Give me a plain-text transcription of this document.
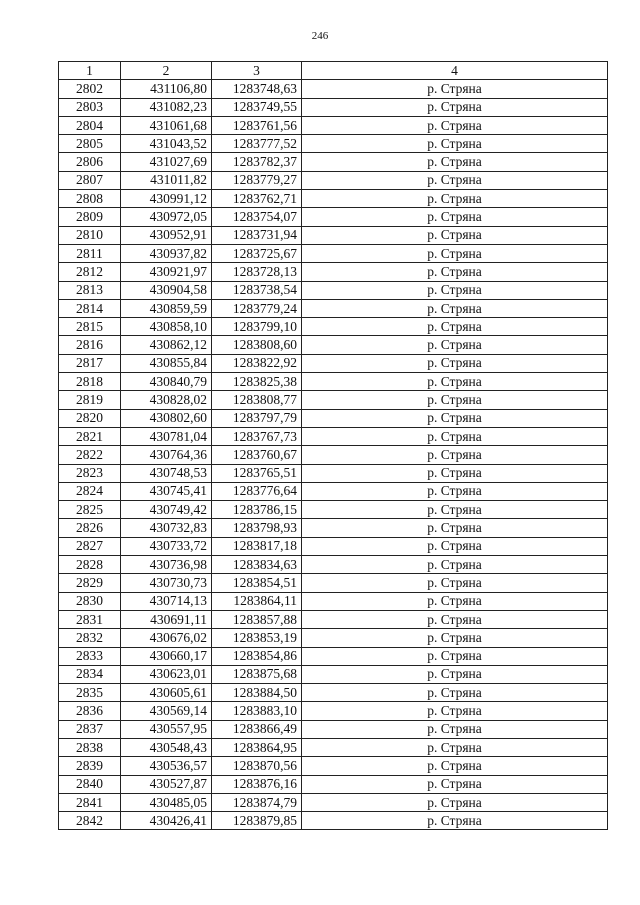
246
1	2	3	4
2802	431106,80	1283748,63	р. Стряна
2803	431082,23	1283749,55	р. Стряна
2804	431061,68	1283761,56	р. Стряна
2805	431043,52	1283777,52	р. Стряна
2806	431027,69	1283782,37	р. Стряна
2807	431011,82	1283779,27	р. Стряна
2808	430991,12	1283762,71	р. Стряна
2809	430972,05	1283754,07	р. Стряна
2810	430952,91	1283731,94	р. Стряна
2811	430937,82	1283725,67	р. Стряна
2812	430921,97	1283728,13	р. Стряна
2813	430904,58	1283738,54	р. Стряна
2814	430859,59	1283779,24	р. Стряна
2815	430858,10	1283799,10	р. Стряна
2816	430862,12	1283808,60	р. Стряна
2817	430855,84	1283822,92	р. Стряна
2818	430840,79	1283825,38	р. Стряна
2819	430828,02	1283808,77	р. Стряна
2820	430802,60	1283797,79	р. Стряна
2821	430781,04	1283767,73	р. Стряна
2822	430764,36	1283760,67	р. Стряна
2823	430748,53	1283765,51	р. Стряна
2824	430745,41	1283776,64	р. Стряна
2825	430749,42	1283786,15	р. Стряна
2826	430732,83	1283798,93	р. Стряна
2827	430733,72	1283817,18	р. Стряна
2828	430736,98	1283834,63	р. Стряна
2829	430730,73	1283854,51	р. Стряна
2830	430714,13	1283864,11	р. Стряна
2831	430691,11	1283857,88	р. Стряна
2832	430676,02	1283853,19	р. Стряна
2833	430660,17	1283854,86	р. Стряна
2834	430623,01	1283875,68	р. Стряна
2835	430605,61	1283884,50	р. Стряна
2836	430569,14	1283883,10	р. Стряна
2837	430557,95	1283866,49	р. Стряна
2838	430548,43	1283864,95	р. Стряна
2839	430536,57	1283870,56	р. Стряна
2840	430527,87	1283876,16	р. Стряна
2841	430485,05	1283874,79	р. Стряна
2842	430426,41	1283879,85	р. Стряна
